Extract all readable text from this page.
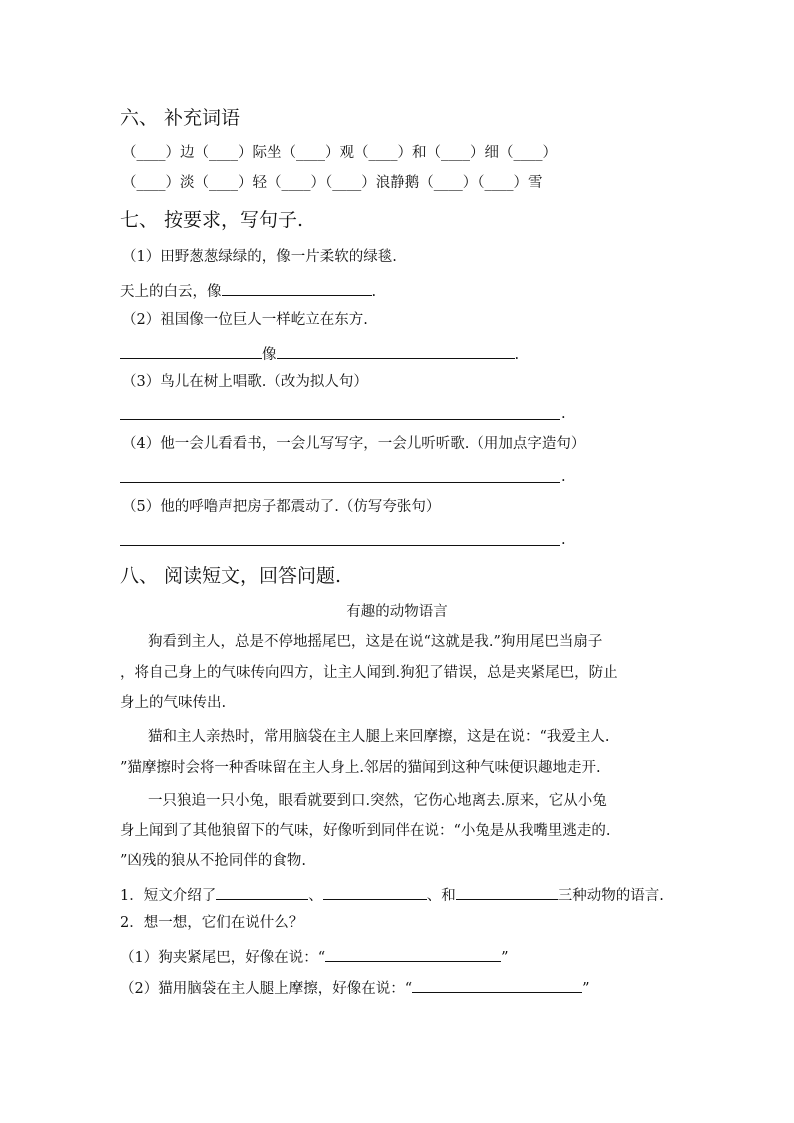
六、 补充词语
（____）边（____）际坐（____）观（____）和（____）细（____）
（____）淡（____）轻（____）（____）浪静鹅（____）（____）雪
七、 按要求，写句子.
（1）田野葱葱绿绿的，像一片柔软的绿毯.
天上的白云，像	.
（2）祖国像一位巨人一样屹立在东方.
像	.
（3）鸟儿在树上唱歌.（改为拟人句）
.
（4）他一会儿看看书，一会儿写写字，一会儿听听歌.（用加点字造句）
.
（5）他的呼噜声把房子都震动了.（仿写夸张句）
.
八、 阅读短文，回答问题.
有趣的动物语言
狗看到主人，总是不停地摇尾巴，这是在说“这就是我.”狗用尾巴当扇子
，将自己身上的气味传向四方，让主人闻到.狗犯了错误，总是夹紧尾巴，防止
身上的气味传出.
猫和主人亲热时，常用脑袋在主人腿上来回摩擦，这是在说：“我爱主人.
”猫摩擦时会将一种香味留在主人身上.邻居的猫闻到这种气味便识趣地走开.
一只狼追一只小兔，眼看就要到口.突然，它伤心地离去.原来，它从小兔
身上闻到了其他狼留下的气味，好像听到同伴在说：“小兔是从我嘴里逃走的.
”凶残的狼从不抢同伴的食物.
1．短文介绍了	、	、和	三种动物的语言.
2．想一想，它们在说什么？
（1）狗夹紧尾巴，好像在说：“	”
（2）猫用脑袋在主人腿上摩擦，好像在说：“	”
